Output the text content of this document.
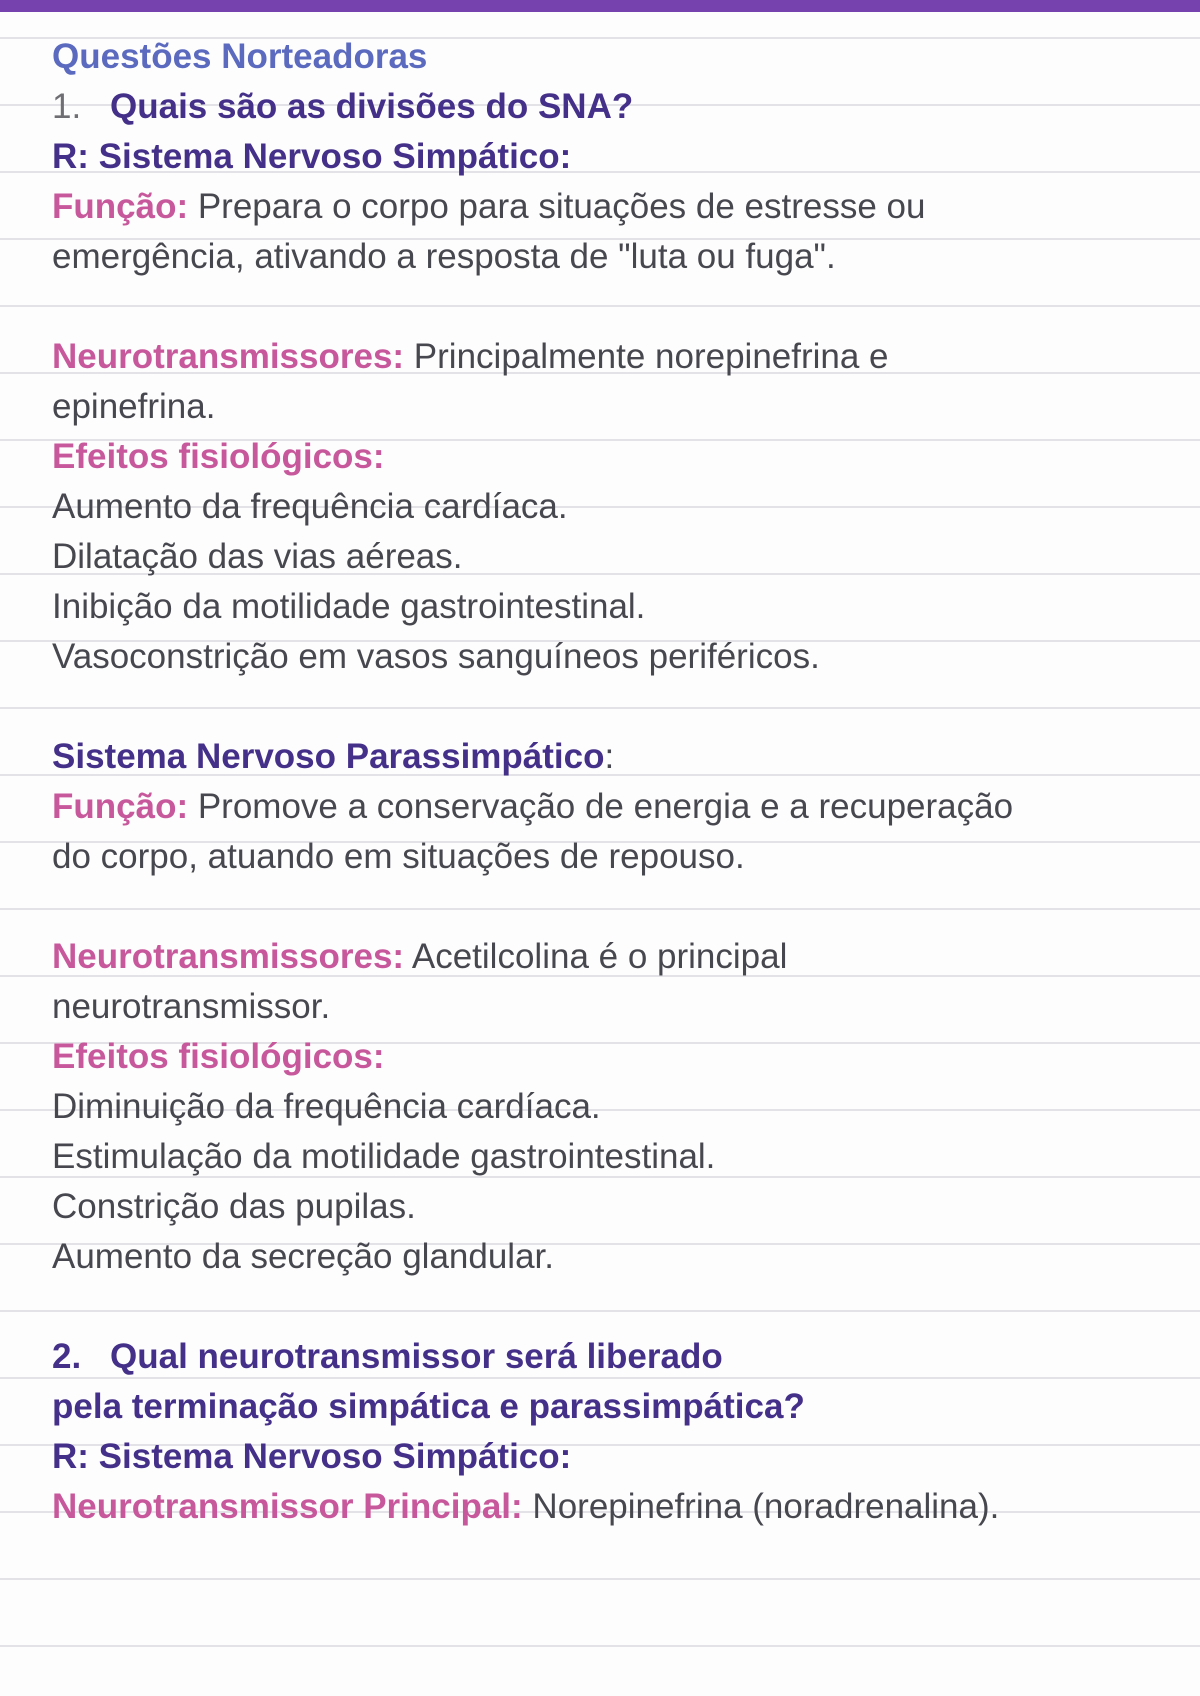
Questões Norteadoras
1. Quais são as divisões do SNA?
R: Sistema Nervoso Simpático:
Função: Prepara o corpo para situações de estresse ou
emergência, ativando a resposta de "luta ou fuga".
Neurotransmissores: Principalmente norepinefrina e
epinefrina.
Efeitos fisiológicos:
Aumento da frequência cardíaca.
Dilatação das vias aéreas.
Inibição da motilidade gastrointestinal.
Vasoconstrição em vasos sanguíneos periféricos.
Sistema Nervoso Parassimpático:
Função: Promove a conservação de energia e a recuperação
do corpo, atuando em situações de repouso.
Neurotransmissores: Acetilcolina é o principal
neurotransmissor.
Efeitos fisiológicos:
Diminuição da frequência cardíaca.
Estimulação da motilidade gastrointestinal.
Constrição das pupilas.
Aumento da secreção glandular.
2. Qual neurotransmissor será liberado
pela terminação simpática e parassimpática?
R: Sistema Nervoso Simpático:
Neurotransmissor Principal: Norepinefrina (noradrenalina).
